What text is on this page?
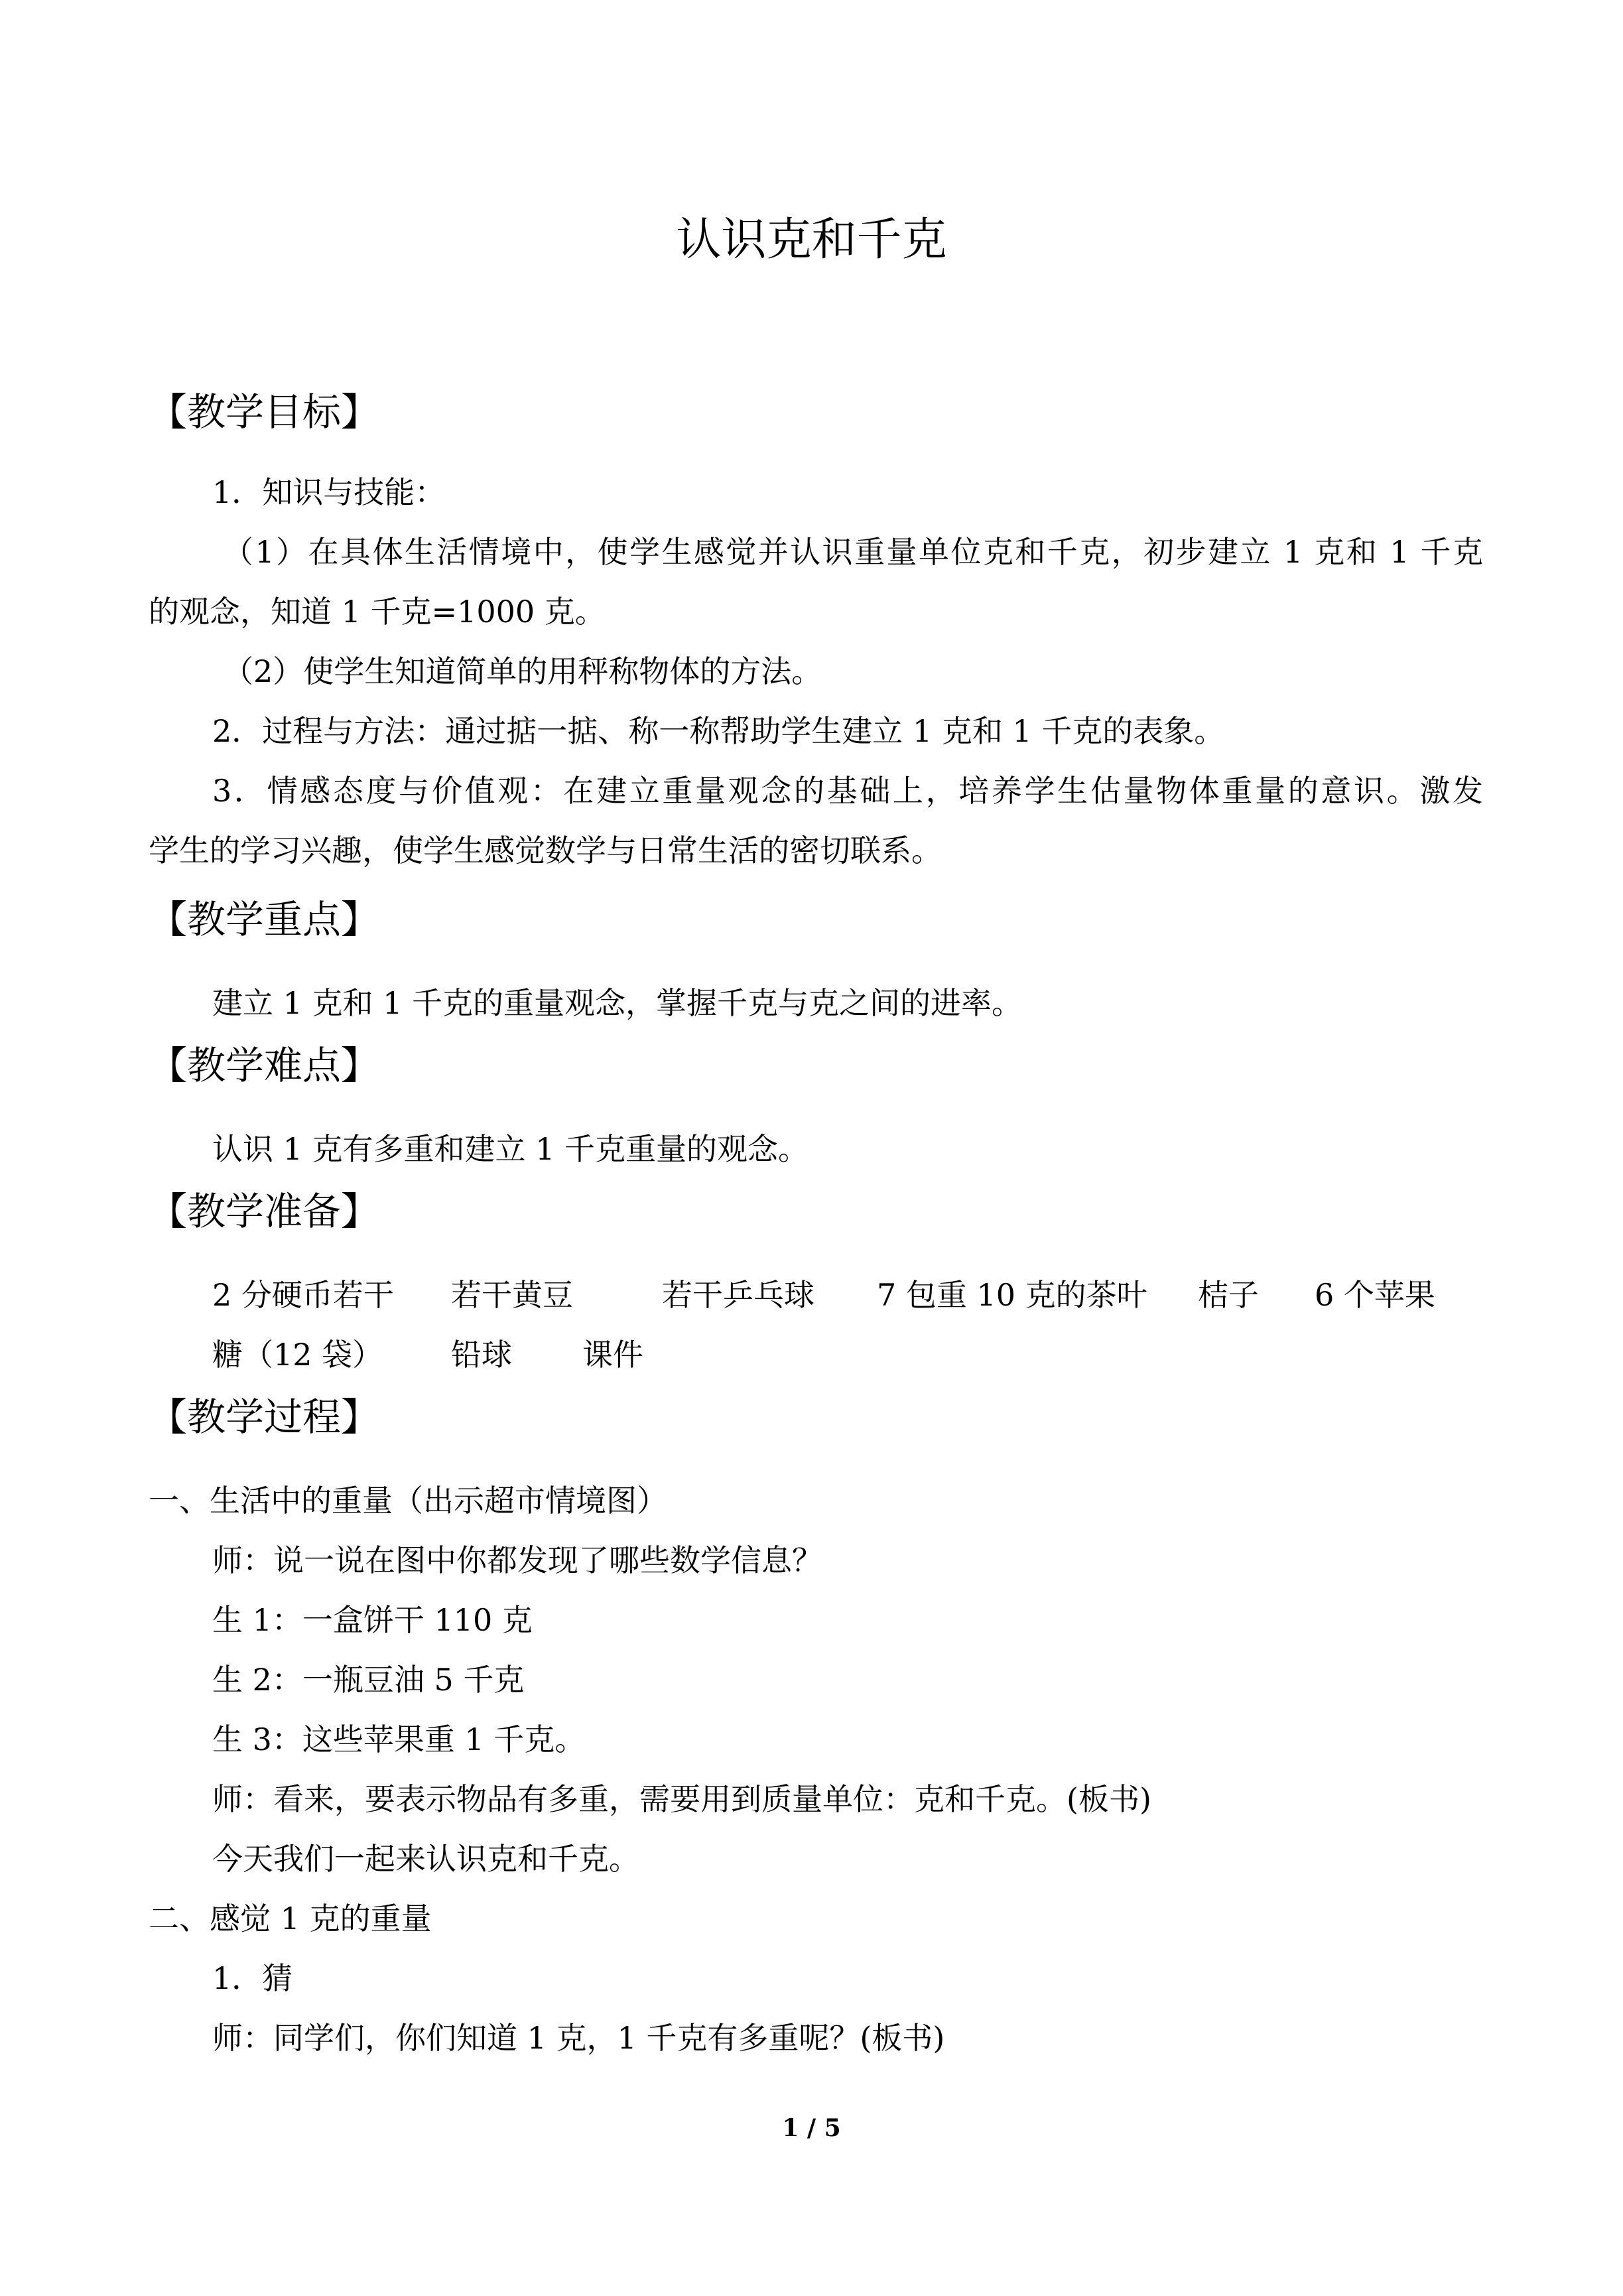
认识克和千克
【教学目标】
1．知识与技能：
（1）在具体生活情境中，使学生感觉并认识重量单位克和千克，初步建立 1 克和 1 千克
的观念，知道 1 千克=1000 克。
（2）使学生知道简单的用秤称物体的方法。
2．过程与方法：通过掂一掂、称一称帮助学生建立 1 克和 1 千克的表象。
3．情感态度与价值观：在建立重量观念的基础上，培养学生估量物体重量的意识。激发
学生的学习兴趣，使学生感觉数学与日常生活的密切联系。
【教学重点】
建立 1 克和 1 千克的重量观念，掌握千克与克之间的进率。
【教学难点】
认识 1 克有多重和建立 1 千克重量的观念。
【教学准备】
2 分硬币若干 若干黄豆	若干乒乓球 7 包重 10 克的茶叶 桔子 6 个苹果
糖（12 袋） 铅球 课件
【教学过程】
一、生活中的重量（出示超市情境图）
师：说一说在图中你都发现了哪些数学信息？
生 1：一盒饼干 110 克
生 2：一瓶豆油 5 千克
生 3：这些苹果重 1 千克。
师：看来，要表示物品有多重，需要用到质量单位：克和千克。(板书)
今天我们一起来认识克和千克。
二、感觉 1 克的重量
1．猜
师：同学们，你们知道 1 克，1 千克有多重呢？(板书)
1 / 5
